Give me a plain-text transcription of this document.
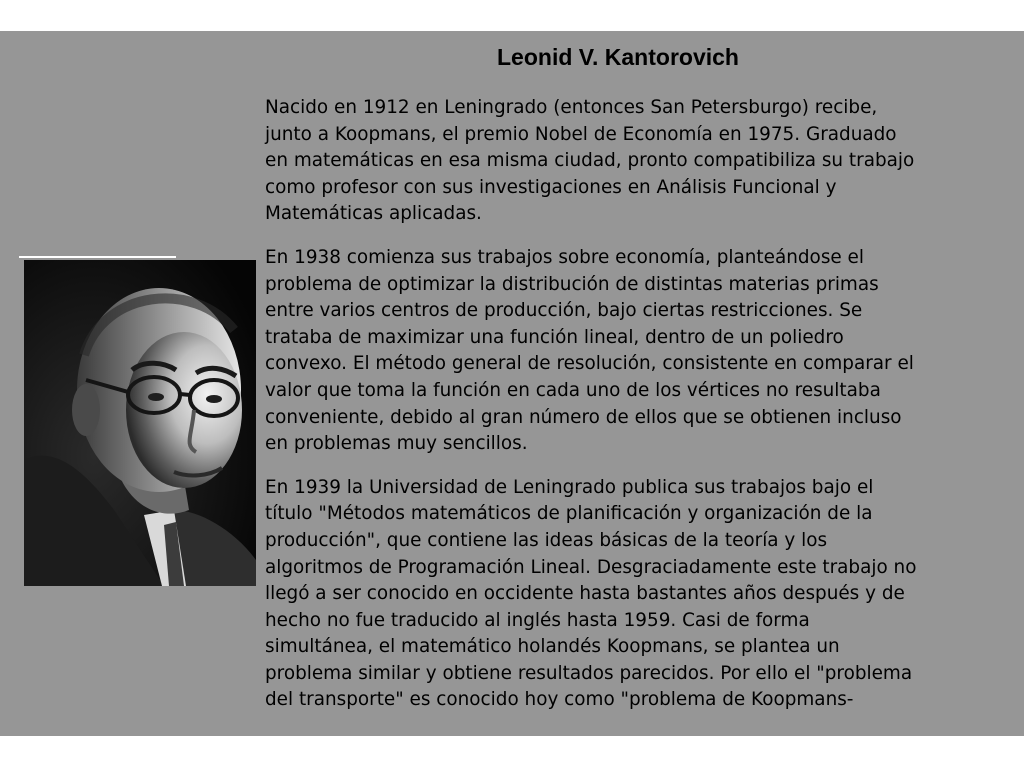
Leonid V. Kantorovich

Nacido en 1912 en Leningrado (entonces San Petersburgo) recibe,
junto a Koopmans, el premio Nobel de Economía en 1975. Graduado
en matemáticas en esa misma ciudad, pronto compatibiliza su trabajo
como profesor con sus investigaciones en Análisis Funcional y
Matemáticas aplicadas.

En 1938 comienza sus trabajos sobre economía, planteándose el
problema de optimizar la distribución de distintas materias primas
entre varios centros de producción, bajo ciertas restricciones. Se
trataba de maximizar una función lineal, dentro de un poliedro
convexo. El método general de resolución, consistente en comparar el
valor que toma la función en cada uno de los vértices no resultaba
conveniente, debido al gran número de ellos que se obtienen incluso
en problemas muy sencillos.

En 1939 la Universidad de Leningrado publica sus trabajos bajo el
título "Métodos matemáticos de planificación y organización de la
producción", que contiene las ideas básicas de la teoría y los
algoritmos de Programación Lineal. Desgraciadamente este trabajo no
llegó a ser conocido en occidente hasta bastantes años después y de
hecho no fue traducido al inglés hasta 1959. Casi de forma
simultánea, el matemático holandés Koopmans, se plantea un
problema similar y obtiene resultados parecidos. Por ello el "problema
del transporte" es conocido hoy como "problema de Koopmans-
